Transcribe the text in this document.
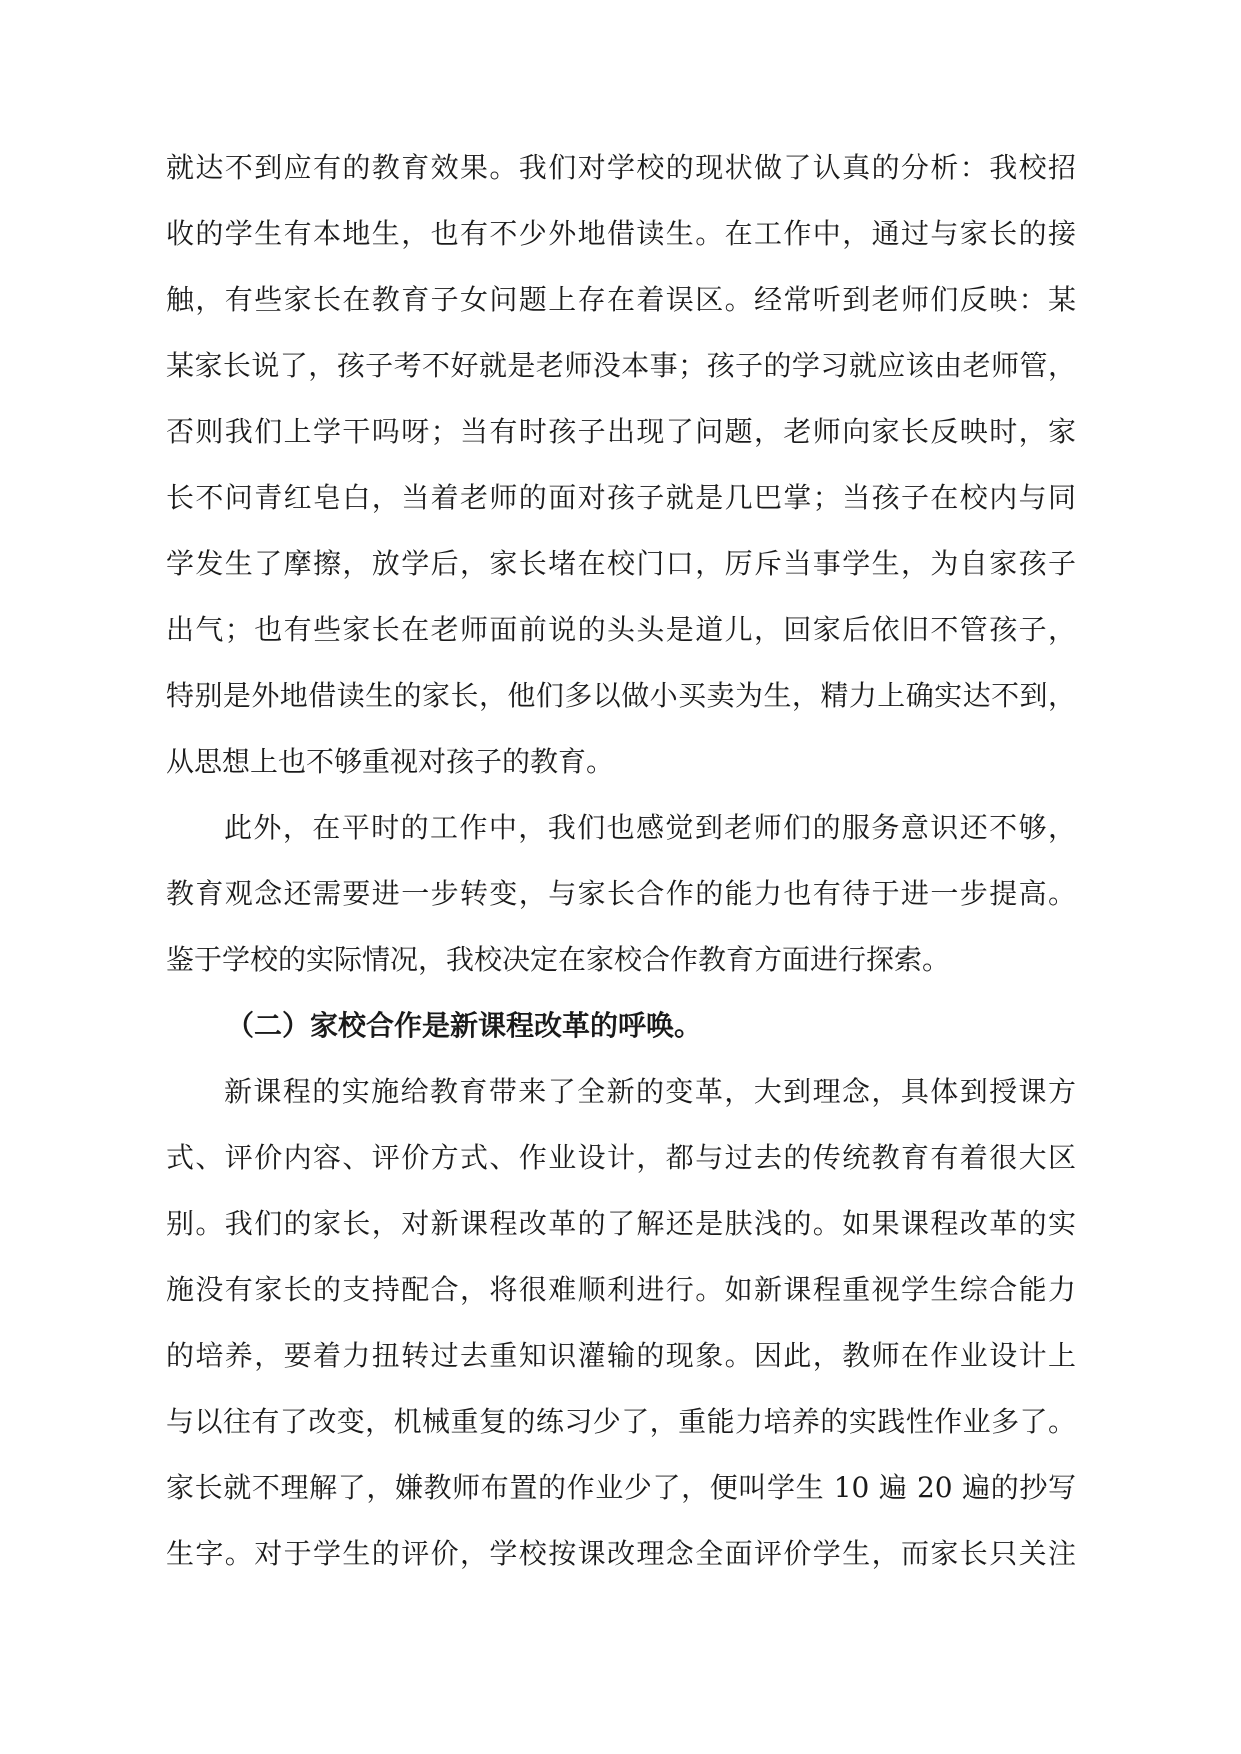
就达不到应有的教育效果。我们对学校的现状做了认真的分析：我校招
收的学生有本地生，也有不少外地借读生。在工作中，通过与家长的接
触，有些家长在教育子女问题上存在着误区。经常听到老师们反映：某
某家长说了，孩子考不好就是老师没本事；孩子的学习就应该由老师管，
否则我们上学干吗呀；当有时孩子出现了问题，老师向家长反映时，家
长不问青红皂白，当着老师的面对孩子就是几巴掌；当孩子在校内与同
学发生了摩擦，放学后，家长堵在校门口，厉斥当事学生，为自家孩子
出气；也有些家长在老师面前说的头头是道儿，回家后依旧不管孩子，
特别是外地借读生的家长，他们多以做小买卖为生，精力上确实达不到，
从思想上也不够重视对孩子的教育。
此外，在平时的工作中，我们也感觉到老师们的服务意识还不够，
教育观念还需要进一步转变，与家长合作的能力也有待于进一步提高。
鉴于学校的实际情况，我校决定在家校合作教育方面进行探索。
（二）家校合作是新课程改革的呼唤。
新课程的实施给教育带来了全新的变革，大到理念，具体到授课方
式、评价内容、评价方式、作业设计，都与过去的传统教育有着很大区
别。我们的家长，对新课程改革的了解还是肤浅的。如果课程改革的实
施没有家长的支持配合，将很难顺利进行。如新课程重视学生综合能力
的培养，要着力扭转过去重知识灌输的现象。因此，教师在作业设计上
与以往有了改变，机械重复的练习少了，重能力培养的实践性作业多了。
家长就不理解了，嫌教师布置的作业少了，便叫学生 10 遍 20 遍的抄写
生字。对于学生的评价，学校按课改理念全面评价学生，而家长只关注
